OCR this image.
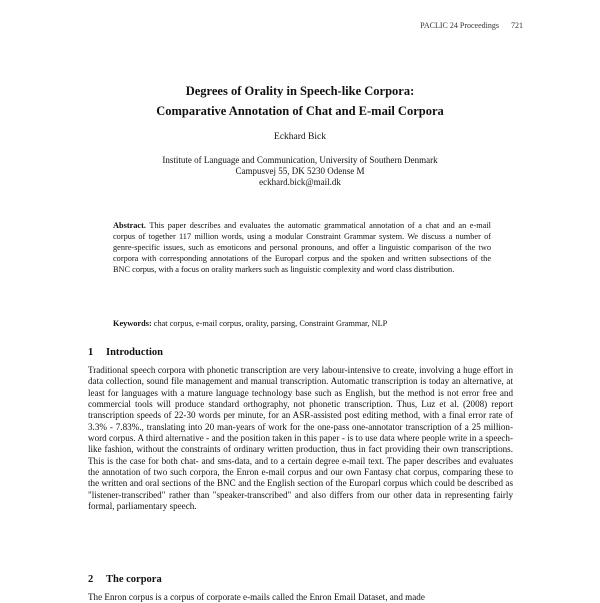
PACLIC 24 Proceedings 721
Degrees of Orality in Speech-like Corpora:
Comparative Annotation of Chat and E-mail Corpora
Eckhard Bick
Institute of Language and Communication, University of Southern Denmark
Campusvej 55, DK 5230 Odense M
eckhard.bick@mail.dk
Abstract. This paper describes and evaluates the automatic grammatical annotation of a chat and an e-mail corpus of together 117 million words, using a modular Constraint Grammar system. We discuss a number of genre-specific issues, such as emoticons and personal pronouns, and offer a linguistic comparison of the two corpora with corresponding annotations of the Europarl corpus and the spoken and written subsections of the BNC corpus, with a focus on orality markers such as linguistic complexity and word class distribution.
Keywords: chat corpus, e-mail corpus, orality, parsing, Constraint Grammar, NLP
1 Introduction
Traditional speech corpora with phonetic transcription are very labour-intensive to create, involving a huge effort in data collection, sound file management and manual transcription. Automatic transcription is today an alternative, at least for languages with a mature language technology base such as English, but the method is not error free and commercial tools will produce standard orthography, not phonetic transcription. Thus, Luz et al. (2008) report transcription speeds of 22-30 words per minute, for an ASR-assisted post editing method, with a final error rate of 3.3% - 7.83%., translating into 20 man-years of work for the one-pass one-annotator transcription of a 25 million-word corpus. A third alternative - and the position taken in this paper - is to use data where people write in a speech-like fashion, without the constraints of ordinary written production, thus in fact providing their own transcriptions. This is the case for both chat- and sms-data, and to a certain degree e-mail text. The paper describes and evaluates the annotation of two such corpora, the Enron e-mail corpus and our own Fantasy chat corpus, comparing these to the written and oral sections of the BNC and the English section of the Europarl corpus which could be described as "listener-transcribed" rather than "speaker-transcribed" and also differs from our other data in representing fairly formal, parliamentary speech.
2 The corpora
The Enron corpus is a corpus of corporate e-mails called the Enron Email Dataset, and made
